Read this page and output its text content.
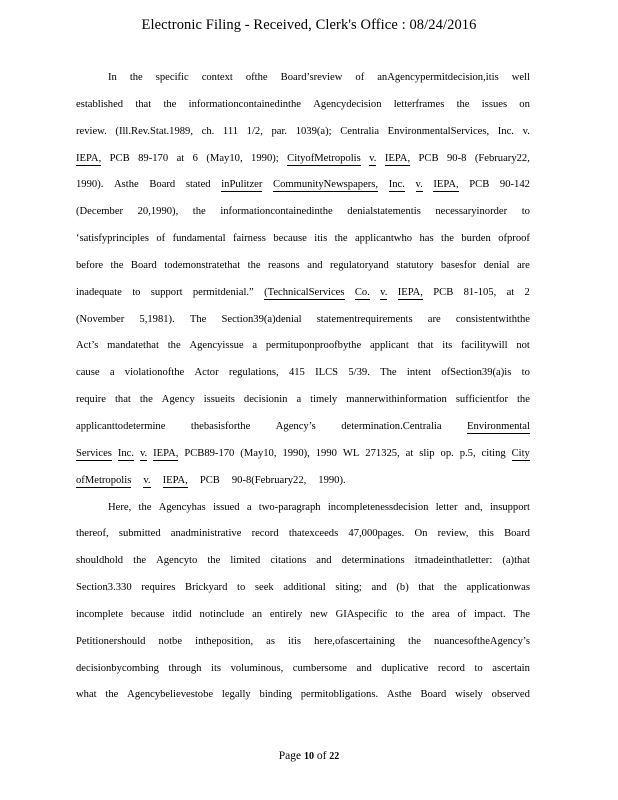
Electronic Filing - Received, Clerk's Office : 08/24/2016
In the specific context ofthe Board’sreview of anAgencypermitdecision,itis well
established that the informationcontainedinthe Agencydecision letterframes the issues on
review. (Ill.Rev.Stat.1989, ch. 111 1/2, par. 1039(a); Centralia EnvironmentalServices, Inc. v.
IEPA, PCB 89-170 at 6 (May10, 1990); CityofMetropolis v. IEPA, PCB 90-8 (February22,
1990). Asthe Board stated inPulitzer CommunityNewspapers, Inc. v. IEPA, PCB 90-142
(December 20,1990), the informationcontainedinthe denialstatementis necessaryinorder to
‘satisfyprinciples of fundamental fairness because itis the applicantwho has the burden ofproof
before the Board todemonstratethat the reasons and regulatoryand statutory basesfor denial are
inadequate to support permitdenial.” (TechnicalServices Co. v. IEPA, PCB 81-105, at 2
(November 5,1981). The Section39(a)denial statementrequirements are consistentwiththe
Act’s mandatethat the Agencyissue a permituponproofbythe applicant that its facilitywill not
cause a violationofthe Actor regulations, 415 ILCS 5/39. The intent ofSection39(a)is to
require that the Agency issueits decisionin a timely mannerwithinformation sufficientfor the
applicanttodetermine thebasisforthe Agency’s determination.Centralia Environmental
Services Inc. v. IEPA, PCB89-170 (May10, 1990), 1990 WL 271325, at slip op. p.5, citing City
ofMetropolis v. IEPA, PCB 90-8(February22, 1990).
Here, the Agencyhas issued a two-paragraph incompletenessdecision letter and, insupport
thereof, submitted anadministrative record thatexceeds 47,000pages. On review, this Board
shouldhold the Agencyto the limited citations and determinations itmadeinthatletter: (a)that
Section3.330 requires Brickyard to seek additional siting; and (b) that the applicationwas
incomplete because itdid notinclude an entirely new GIAspecific to the area of impact. The
Petitionershould notbe intheposition, as itis here,ofascertaining the nuancesoftheAgency’s
decisionbycombing through its voluminous, cumbersome and duplicative record to ascertain
what the Agencybelievestobe legally binding permitobligations. Asthe Board wisely observed
Page 10 of 22
